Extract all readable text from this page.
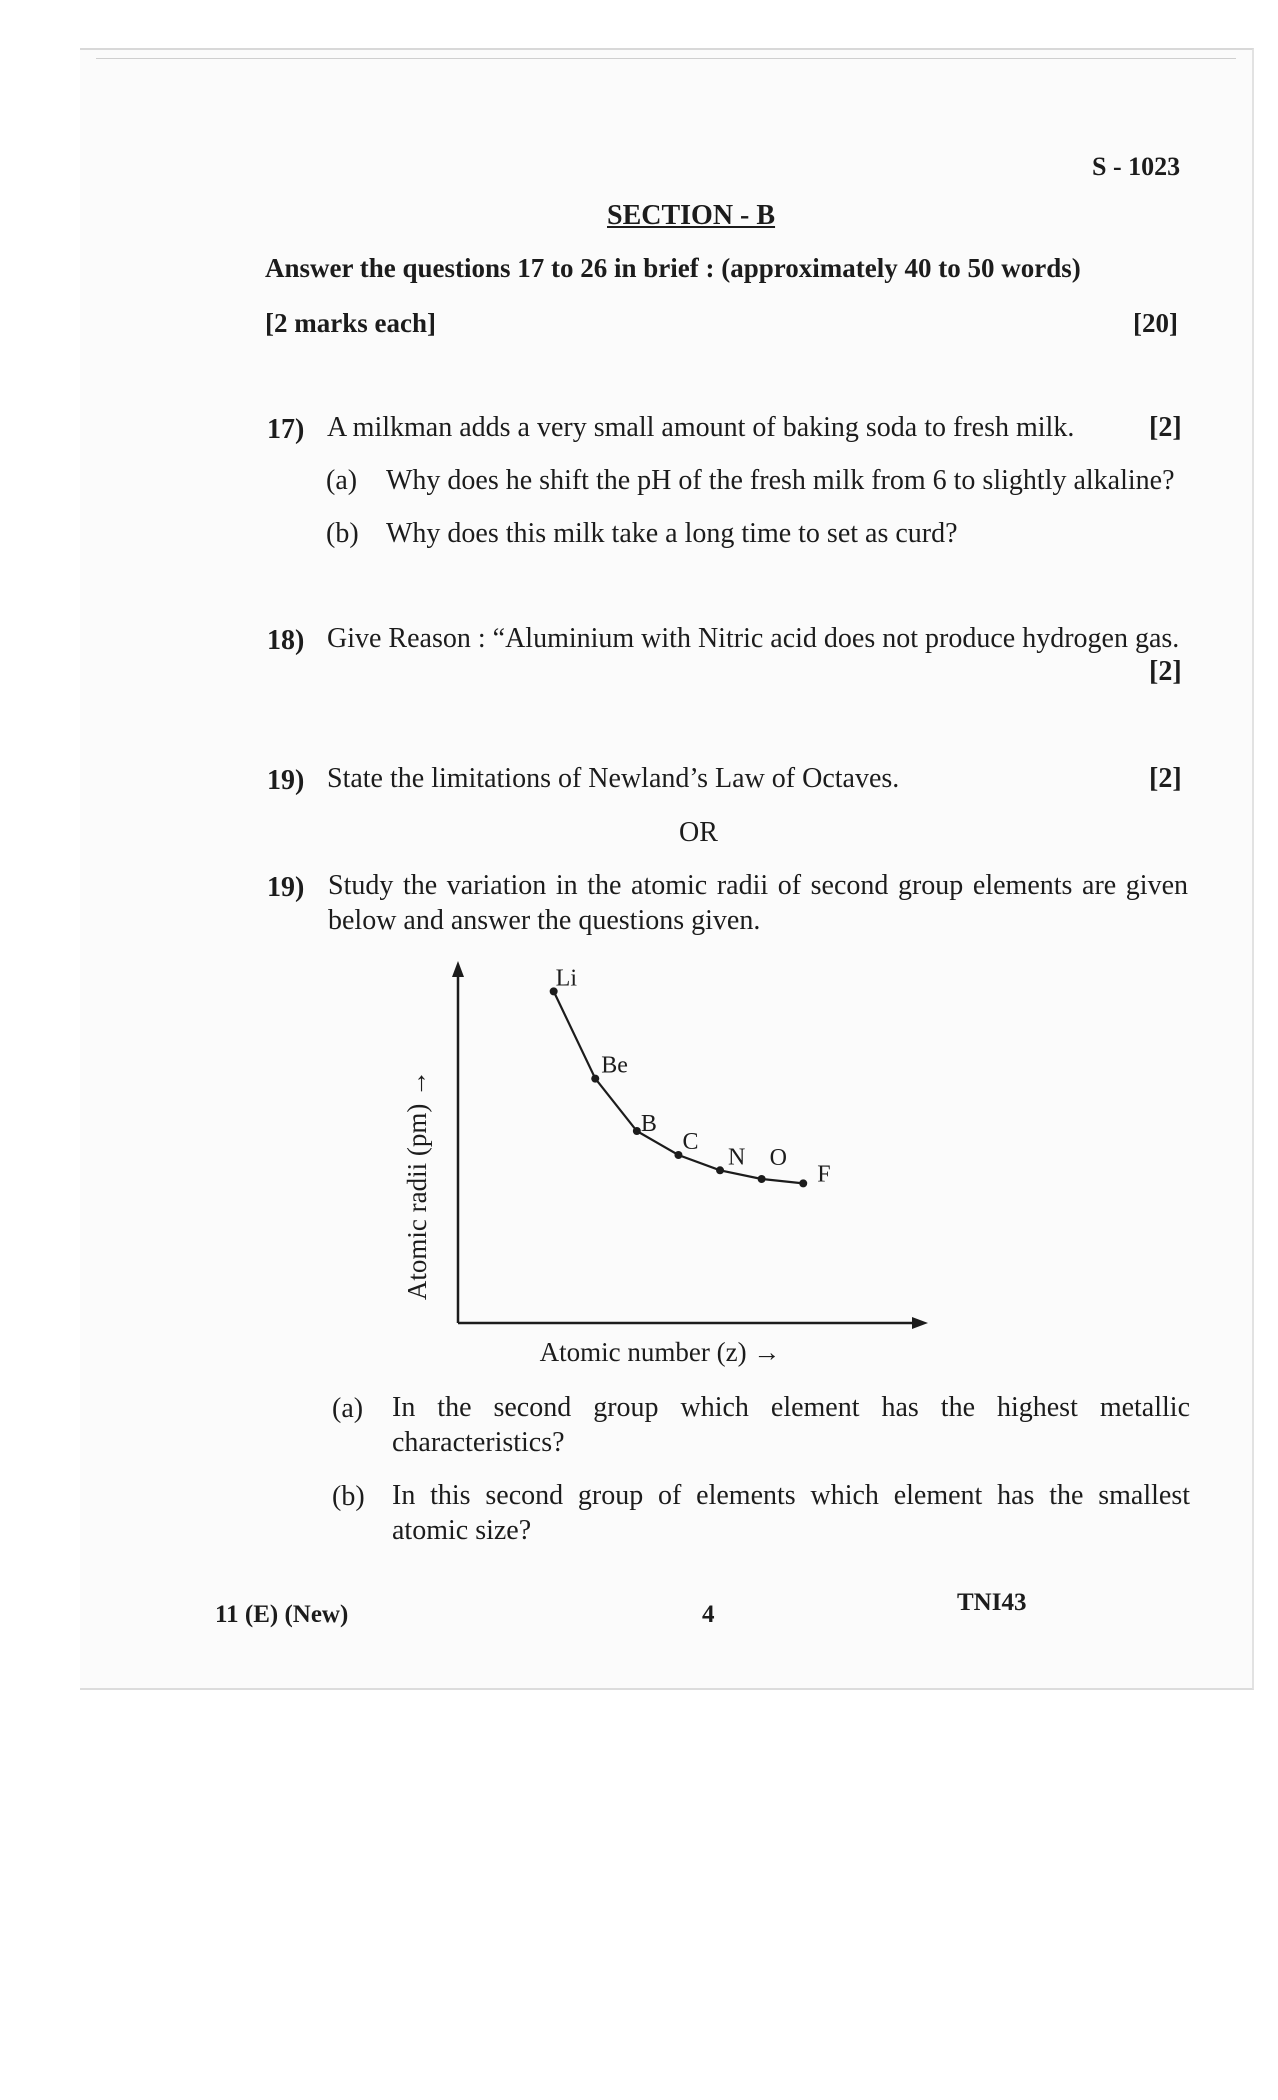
S - 1023
SECTION - B
Answer the questions 17 to 26 in brief : (approximately 40 to 50 words)
[2 marks each]	[20]
17) A milkman adds a very small amount of baking soda to fresh milk.	[2]
(a) Why does he shift the pH of the fresh milk from 6 to slightly alkaline?
(b) Why does this milk take a long time to set as curd?
18) Give Reason : “Aluminium with Nitric acid does not produce hydrogen gas.
[2]
19) State the limitations of Newland’s Law of Octaves.	[2]
OR
19) Study the variation in the atomic radii of second group elements are given below and answer the questions given.
Atomic radii (pm) →
Atomic number (z) →
Li
Be
B
C
N O
F
(a) In the second group which element has the highest metallic characteristics?
(b) In this second group of elements which element has the smallest atomic size?
11 (E) (New)	4	TNI43
